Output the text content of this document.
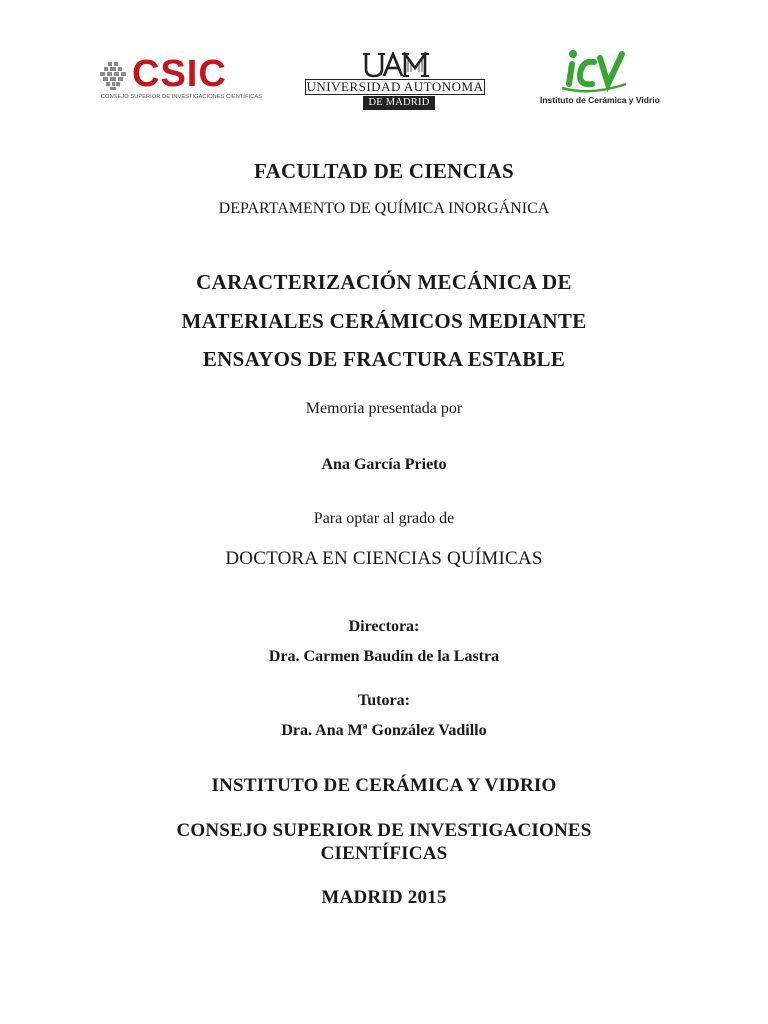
CSIC
CONSEJO SUPERIOR DE INVESTIGACIONES CIENTÍFICAS
UNIVERSIDAD AUTONOMA
DE MADRID	Instituto de Cerámica y Vidrio
FACULTAD DE CIENCIAS
DEPARTAMENTO DE QUÍMICA INORGÁNICA
CARACTERIZACIÓN MECÁNICA DE
MATERIALES CERÁMICOS MEDIANTE
ENSAYOS DE FRACTURA ESTABLE
Memoria presentada por
Ana García Prieto
Para optar al grado de
DOCTORA EN CIENCIAS QUÍMICAS
Directora:
Dra. Carmen Baudín de la Lastra
Tutora:
Dra. Ana Mª González Vadillo
INSTITUTO DE CERÁMICA Y VIDRIO
CONSEJO SUPERIOR DE INVESTIGACIONES
CIENTÍFICAS
MADRID 2015
